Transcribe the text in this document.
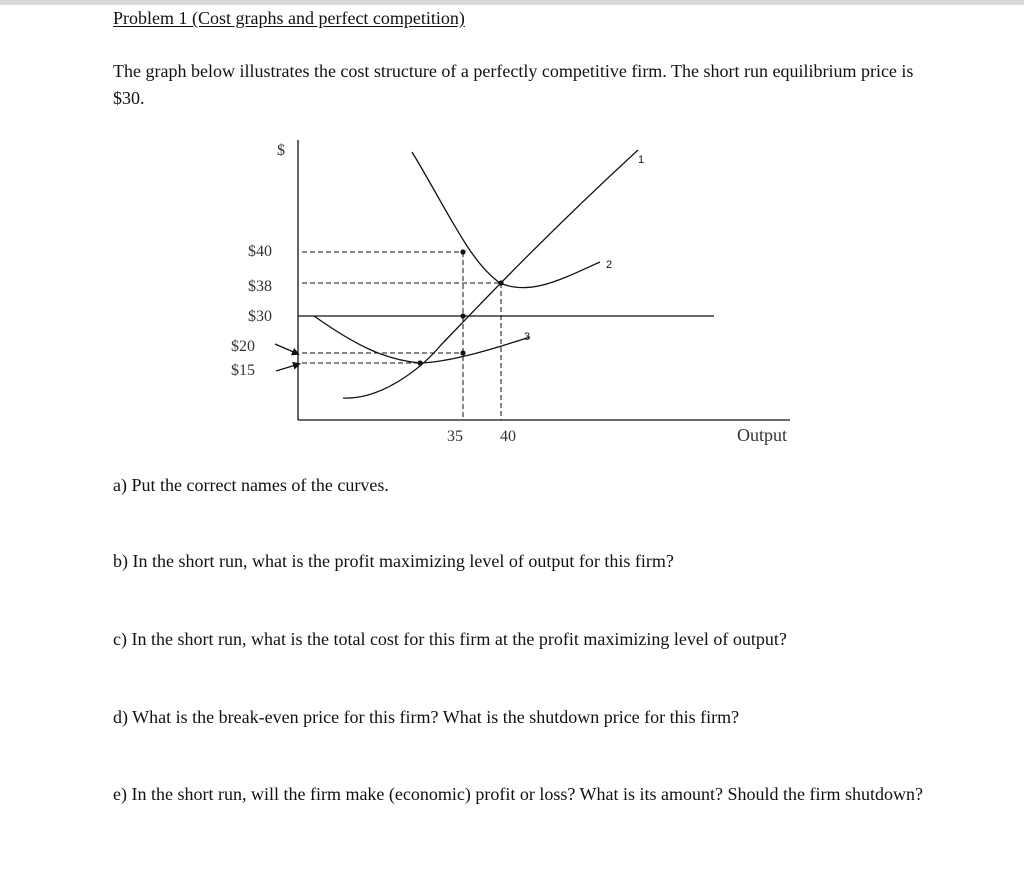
Problem 1 (Cost graphs and perfect competition)
The graph below illustrates the cost structure of a perfectly competitive firm. The short run equilibrium price is $30.
$
$40
$38
$30
$20
$15
35 40	Output
1
2
3
a) Put the correct names of the curves.
b) In the short run, what is the profit maximizing level of output for this firm?
c) In the short run, what is the total cost for this firm at the profit maximizing level of output?
d) What is the break-even price for this firm? What is the shutdown price for this firm?
e) In the short run, will the firm make (economic) profit or loss? What is its amount? Should the firm shutdown?
